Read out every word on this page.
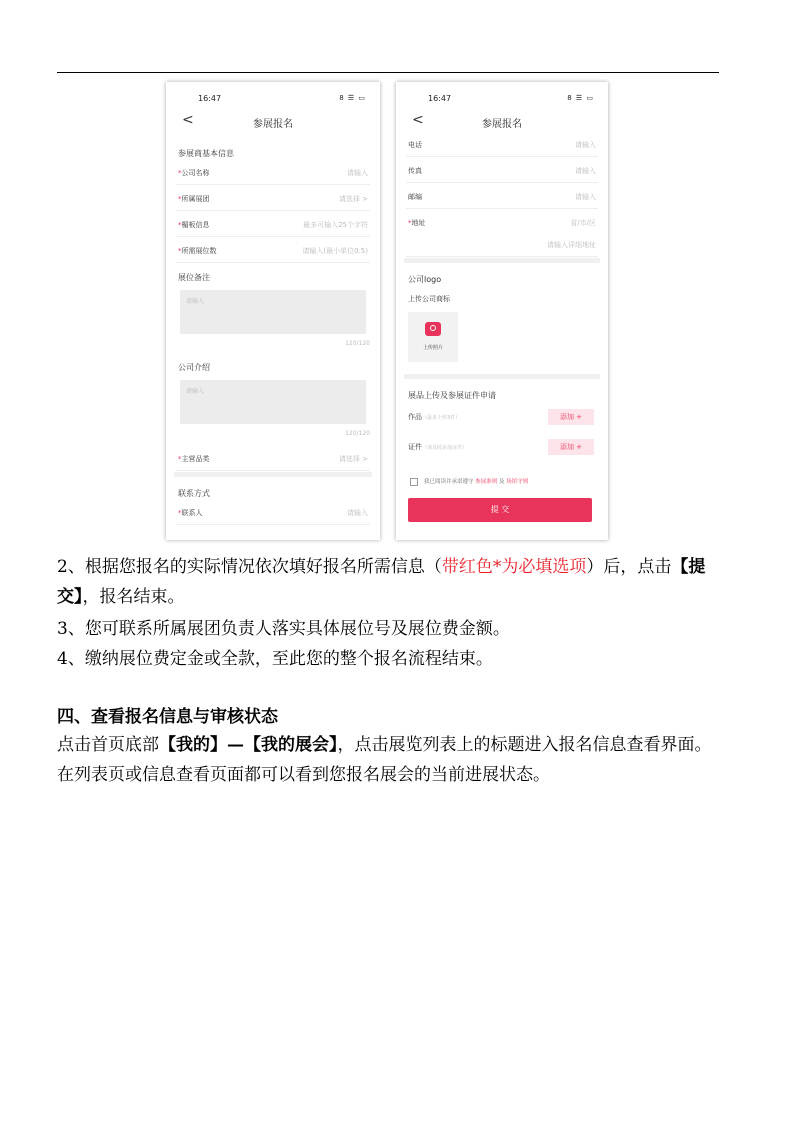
16:47	8 ☰ ▭
<	参展报名
参展商基本信息
*公司名称	请输入
*所属展团	请选择 >
*楣板信息	最多可输入25个字符
*所需展位数	请输入(最小单位0.5)
展位备注
请输入
120/120
公司介绍
请输入
120/120
*主营品类	请选择 >
联系方式
*联系人	请输入
16:47	8 ☰ ▭
<	参展报名
电话	请输入
传真	请输入
邮编	请输入
*地址	省/市/区
请输入详细地址
公司logo
上传公司商标
上传照片
展品上传及参展证件申请
作品（最多上传3件）	添加 +
证件（请及时添加证件）	添加 +
我已阅读并承诺遵守 参展准则 及 场馆守则
提 交
2、根据您报名的实际情况依次填好报名所需信息（带红色*为必填选项）后，点击【提交】，报名结束。
3、您可联系所属展团负责人落实具体展位号及展位费金额。
4、缴纳展位费定金或全款，至此您的整个报名流程结束。
四、查看报名信息与审核状态
点击首页底部【我的】—【我的展会】，点击展览列表上的标题进入报名信息查看界面。在列表页或信息查看页面都可以看到您报名展会的当前进展状态。
